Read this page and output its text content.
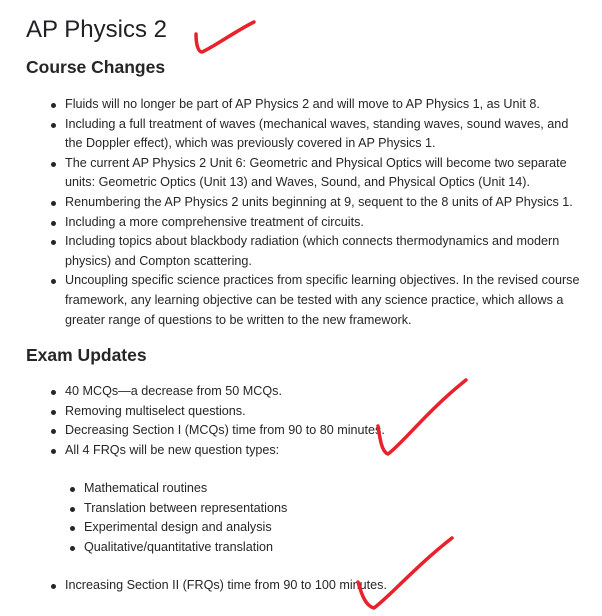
AP Physics 2
Course Changes
Fluids will no longer be part of AP Physics 2 and will move to AP Physics 1, as Unit 8.
Including a full treatment of waves (mechanical waves, standing waves, sound waves, and the Doppler effect), which was previously covered in AP Physics 1.
The current AP Physics 2 Unit 6: Geometric and Physical Optics will become two separate units: Geometric Optics (Unit 13) and Waves, Sound, and Physical Optics (Unit 14).
Renumbering the AP Physics 2 units beginning at 9, sequent to the 8 units of AP Physics 1.
Including a more comprehensive treatment of circuits.
Including topics about blackbody radiation (which connects thermodynamics and modern physics) and Compton scattering.
Uncoupling specific science practices from specific learning objectives. In the revised course framework, any learning objective can be tested with any science practice, which allows a greater range of questions to be written to the new framework.
Exam Updates
40 MCQs—a decrease from 50 MCQs.
Removing multiselect questions.
Decreasing Section I (MCQs) time from 90 to 80 minutes.
All 4 FRQs will be new question types:
Mathematical routines
Translation between representations
Experimental design and analysis
Qualitative/quantitative translation
Increasing Section II (FRQs) time from 90 to 100 minutes.
